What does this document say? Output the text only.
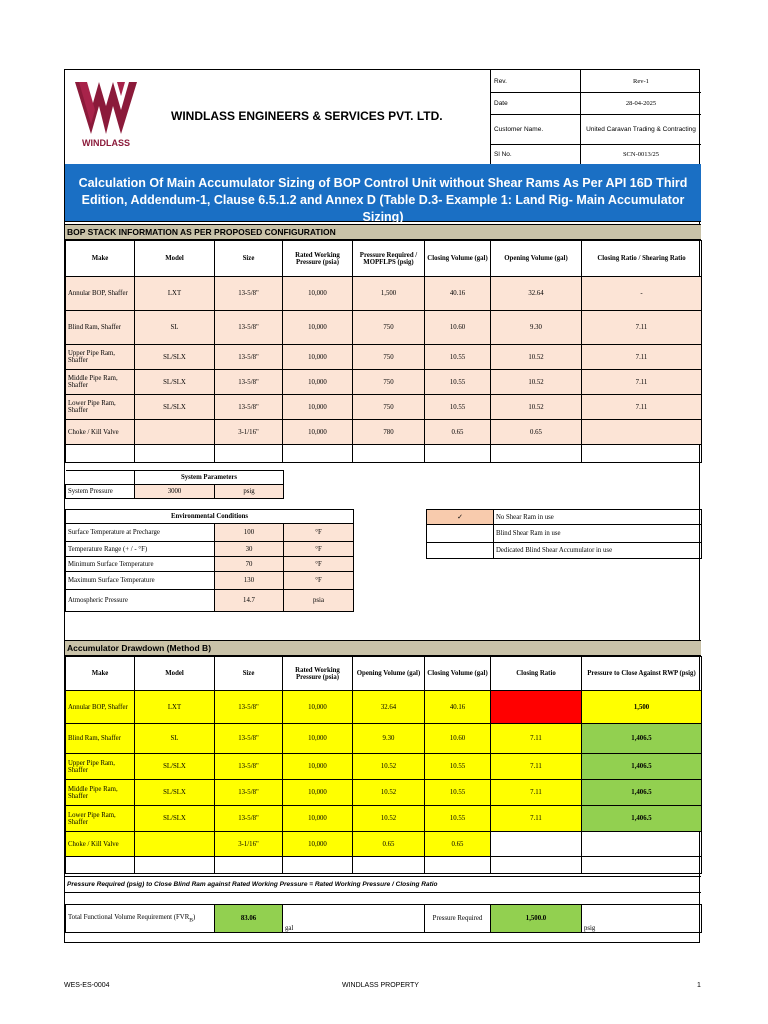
WINDLASS
WINDLASS ENGINEERS & SERVICES PVT. LTD.
Rev.	Rev-1
Date	28-04-2025
Customer Name.	United Caravan Trading & Contracting
Sl No.	SCN-0013/25
Calculation Of Main Accumulator Sizing of BOP Control Unit without Shear Rams As Per API 16D Third Edition, Addendum-1, Clause 6.5.1.2 and Annex D (Table D.3- Example 1: Land Rig- Main Accumulator Sizing)
BOP STACK INFORMATION AS PER PROPOSED CONFIGURATION
Make	Model	Size	Rated Working Pressure (psia)	Pressure Required / MOPFLPS (psig)	Closing Volume (gal)	Opening Volume (gal)	Closing Ratio / Shearing Ratio
Annular BOP, Shaffer	LXT	13-5/8"	10,000	1,500	40.16	32.64	-
Blind Ram, Shaffer	SL	13-5/8"	10,000	750	10.60	9.30	7.11
Upper Pipe Ram, Shaffer	SL/SLX	13-5/8"	10,000	750	10.55	10.52	7.11
Middle Pipe Ram, Shaffer	SL/SLX	13-5/8"	10,000	750	10.55	10.52	7.11
Lower Pipe Ram, Shaffer	SL/SLX	13-5/8"	10,000	750	10.55	10.52	7.11
Choke / Kill Valve		3-1/16"	10,000	780	0.65	0.65	

	System Parameters	
System Pressure	3000	psig
Environmental Conditions		
Surface Temperature at Precharge	100	°F
Temperature Range (+ / - °F)	30	°F
Minimum Surface Temperature	70	°F
Maximum Surface Temperature	130	°F
Atmospheric Pressure	14.7	psia
✓	No Shear Ram in use
	Blind Shear Ram in use
	Dedicated Blind Shear Accumulator in use
Accumulator Drawdown (Method B)
Make	Model	Size	Rated Working Pressure (psia)	Opening Volume (gal)	Closing Volume (gal)	Closing Ratio	Pressure to Close Against RWP (psig)
Annular BOP, Shaffer	LXT	13-5/8"	10,000	32.64	40.16		1,500
Blind Ram, Shaffer	SL	13-5/8"	10,000	9.30	10.60	7.11	1,406.5
Upper Pipe Ram, Shaffer	SL/SLX	13-5/8"	10,000	10.52	10.55	7.11	1,406.5
Middle Pipe Ram, Shaffer	SL/SLX	13-5/8"	10,000	10.52	10.55	7.11	1,406.5
Lower Pipe Ram, Shaffer	SL/SLX	13-5/8"	10,000	10.52	10.55	7.11	1,406.5
Choke / Kill Valve		3-1/16"	10,000	0.65	0.65		

Pressure Required (psig) to Close Blind Ram against Rated Working Pressure = Rated Working Pressure / Closing Ratio
Total Functional Volume Requirement $(FVR_B)$	83.06	gal		Pressure Required	1,500.0	psig
WES-ES-0004	WINDLASS PROPERTY	1
